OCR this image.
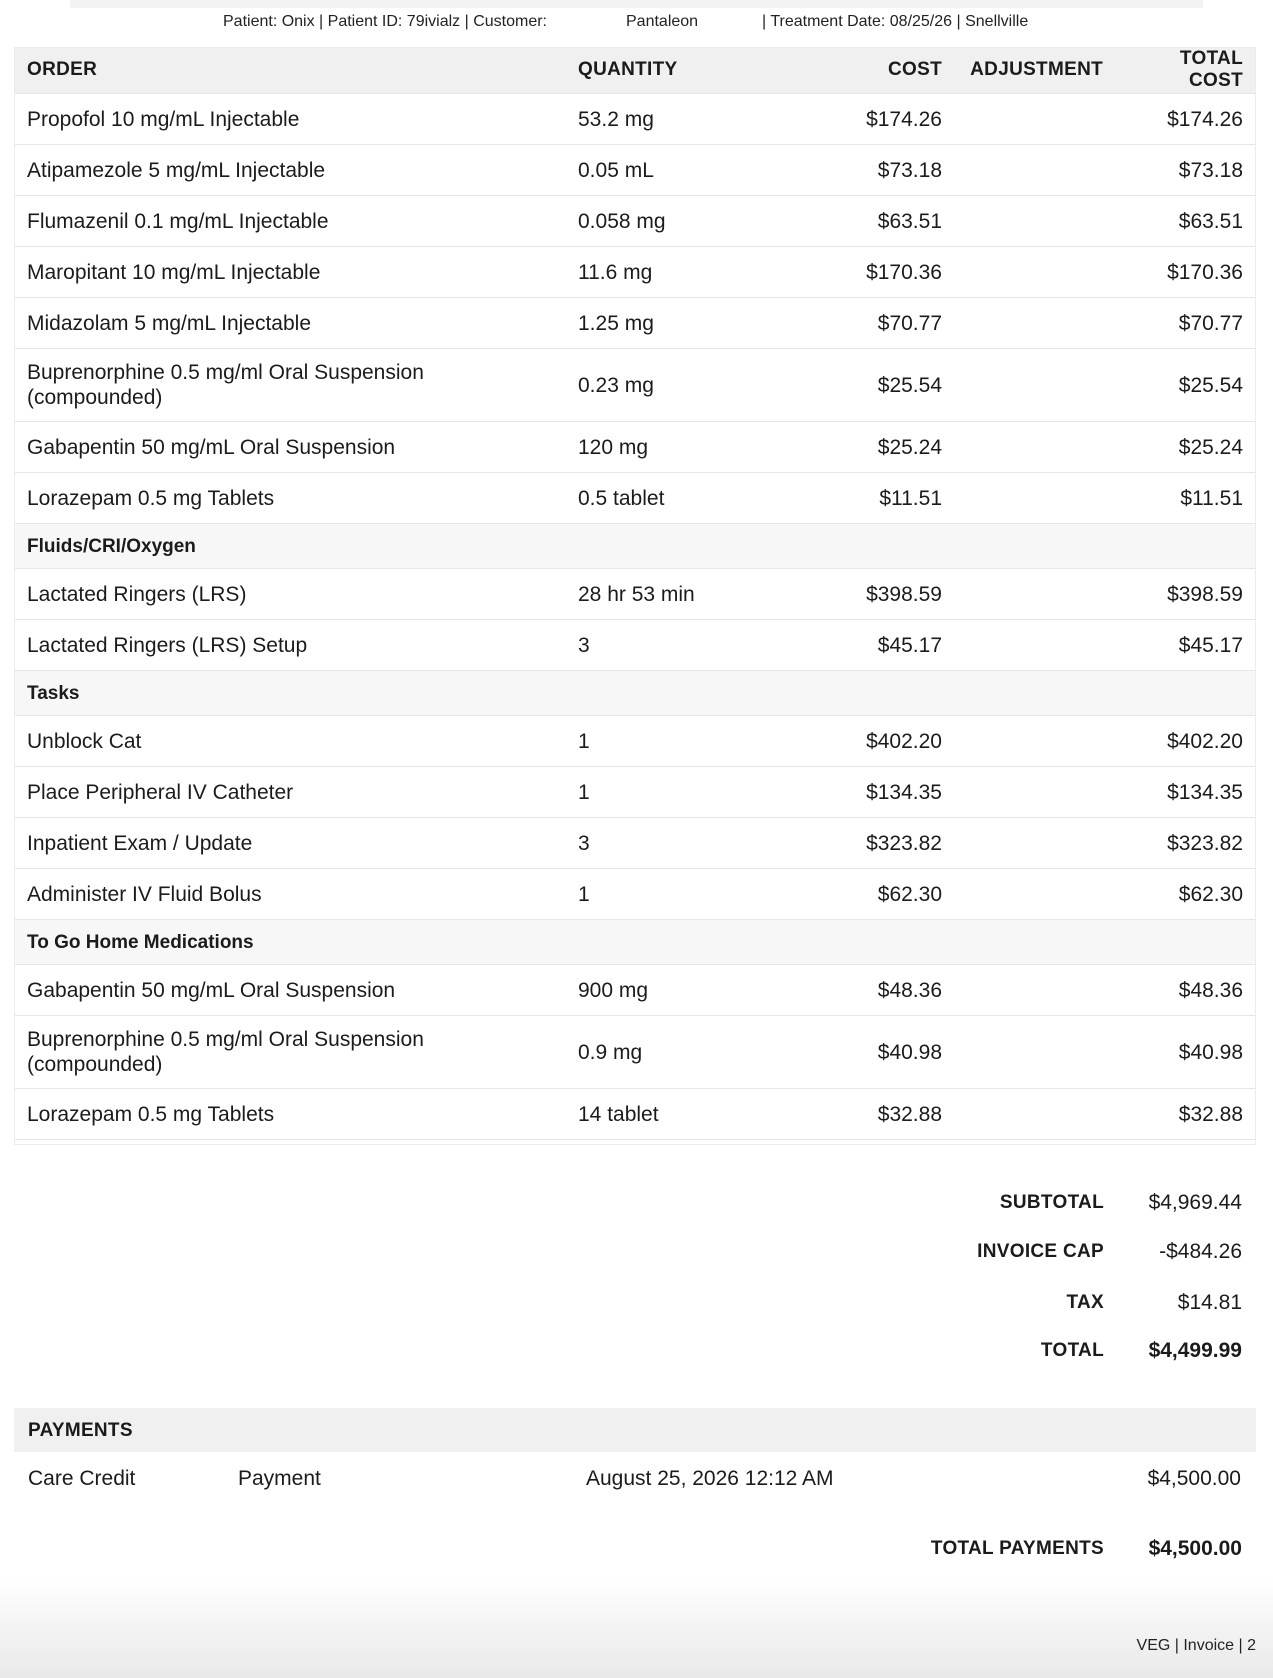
Patient: Onix | Patient ID: 79ivialz | Customer:	Pantaleon	| Treatment Date: 08/25/26 | Snellville
ORDER	QUANTITY	COST	ADJUSTMENT	TOTAL COST
Propofol 10 mg/mL Injectable	53.2 mg	$174.26		$174.26
Atipamezole 5 mg/mL Injectable	0.05 mL	$73.18		$73.18
Flumazenil 0.1 mg/mL Injectable	0.058 mg	$63.51		$63.51
Maropitant 10 mg/mL Injectable	11.6 mg	$170.36		$170.36
Midazolam 5 mg/mL Injectable	1.25 mg	$70.77		$70.77
Buprenorphine 0.5 mg/ml Oral Suspension (compounded)	0.23 mg	$25.54		$25.54
Gabapentin 50 mg/mL Oral Suspension	120 mg	$25.24		$25.24
Lorazepam 0.5 mg Tablets	0.5 tablet	$11.51		$11.51
Fluids/CRI/Oxygen				
Lactated Ringers (LRS)	28 hr 53 min	$398.59		$398.59
Lactated Ringers (LRS) Setup	3	$45.17		$45.17
Tasks				
Unblock Cat	1	$402.20		$402.20
Place Peripheral IV Catheter	1	$134.35		$134.35
Inpatient Exam / Update	3	$323.82		$323.82
Administer IV Fluid Bolus	1	$62.30		$62.30
To Go Home Medications				
Gabapentin 50 mg/mL Oral Suspension	900 mg	$48.36		$48.36
Buprenorphine 0.5 mg/ml Oral Suspension (compounded)	0.9 mg	$40.98		$40.98
Lorazepam 0.5 mg Tablets	14 tablet	$32.88		$32.88
SUBTOTAL $4,969.44
INVOICE CAP	-$484.26
TAX	$14.81
TOTAL $4,499.99
PAYMENTS
Care Credit	Payment	August 25, 2026 12:12 AM	$4,500.00
TOTAL PAYMENTS $4,500.00
VEG | Invoice | 2
